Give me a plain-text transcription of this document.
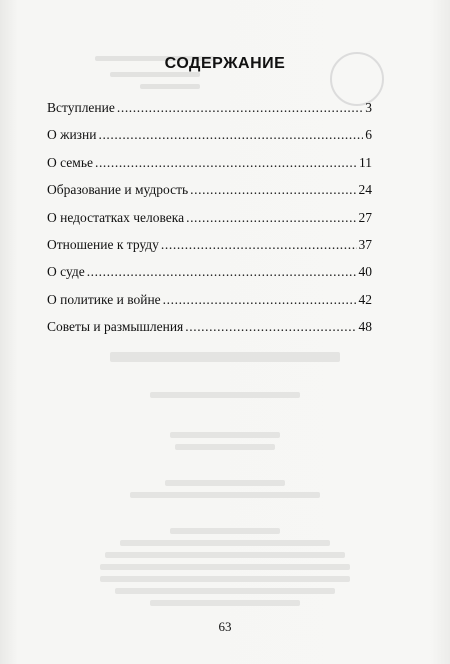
СОДЕРЖАНИЕ
Вступление .....	3
О жизни .....	6
О семье .....	11
Образование и мудрость .....	24
О недостатках человека .....	27
Отношение к труду .....	37
О суде .....	40
О политике и войне .....	42
Советы и размышления .....	48
63
